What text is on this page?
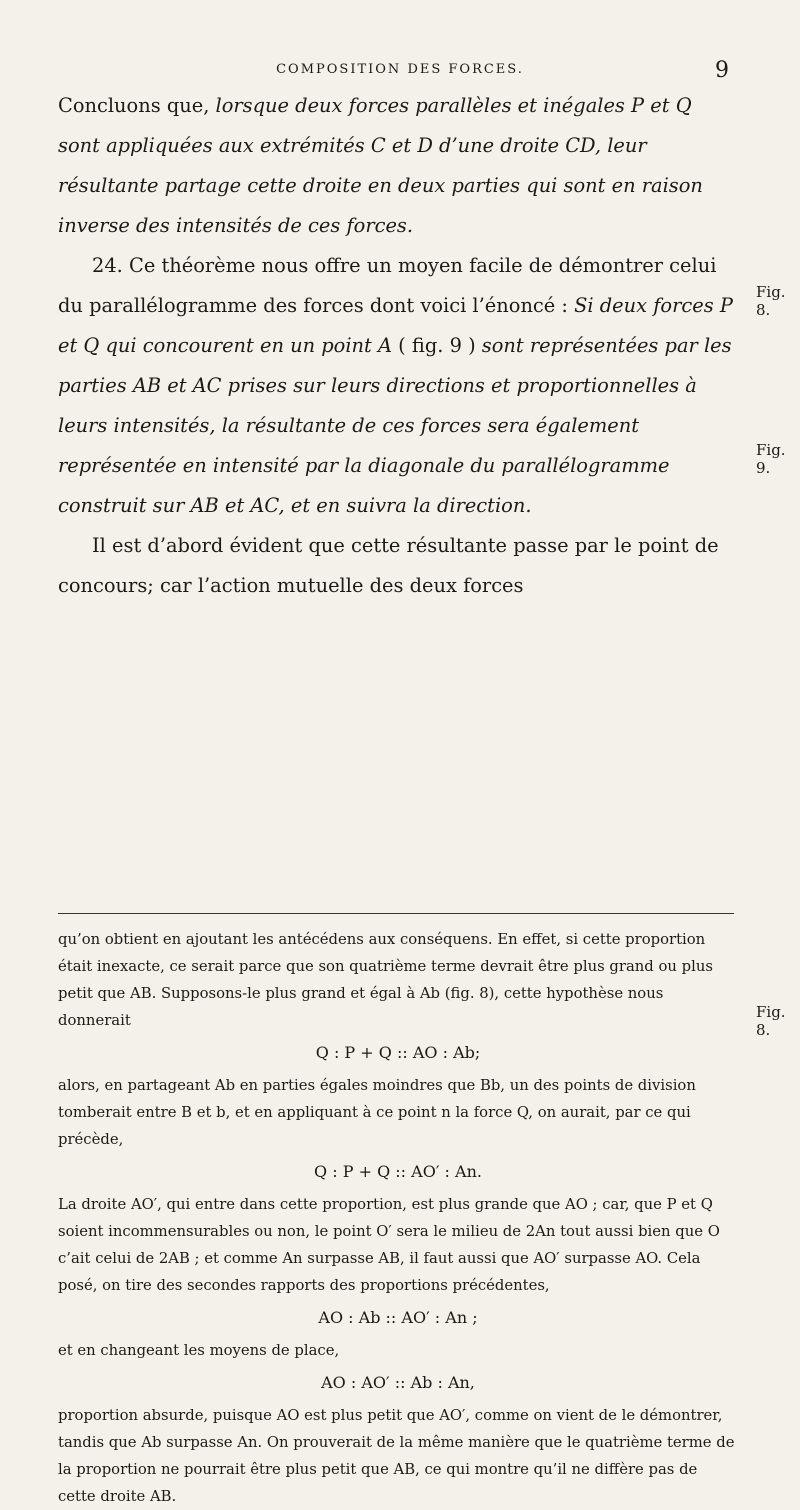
COMPOSITION DES FORCES.	9

Concluons que, lorsque deux forces parallèles et inégales P et Q sont appliquées aux extrémités C et D d’une droite CD, leur résultante partage cette droite en deux parties qui sont en raison inverse des intensités de ces forces.

24. Ce théorème nous offre un moyen facile de démontrer celui du parallélogramme des forces dont voici l’énoncé : Si deux forces P et Q qui concourent en un point A ( fig. 9 ) sont représentées par les parties AB et AC prises sur leurs directions et proportionnelles à leurs intensités, la résultante de ces forces sera également représentée en intensité par la diagonale du parallélogramme construit sur AB et AC, et en suivra la direction.

Il est d’abord évident que cette résultante passe par le point de concours; car l’action mutuelle des deux forces

Fig. 8.
Fig. 9.

qu’on obtient en ajoutant les antécédens aux conséquens. En effet, si cette proportion était inexacte, ce serait parce que son quatrième terme devrait être plus grand ou plus petit que AB. Supposons-le plus grand et égal à Ab (fig. 8), cette hypothèse nous donnerait

Q : P + Q :: AO : Ab;

alors, en partageant Ab en parties égales moindres que Bb, un des points de division tomberait entre B et b, et en appliquant à ce point n la force Q, on aurait, par ce qui précède,

Q : P + Q :: AO′ : An.

La droite AO′, qui entre dans cette proportion, est plus grande que AO ; car, que P et Q soient incommensurables ou non, le point O′ sera le milieu de 2An tout aussi bien que O c’ait celui de 2AB ; et comme An surpasse AB, il faut aussi que AO′ surpasse AO. Cela posé, on tire des secondes rapports des proportions précédentes,

AO : Ab :: AO′ : An ;

et en changeant les moyens de place,

AO : AO′ :: Ab : An,

proportion absurde, puisque AO est plus petit que AO′, comme on vient de le démontrer, tandis que Ab surpasse An. On prouverait de la même manière que le quatrième terme de la proportion ne pourrait être plus petit que AB, ce qui montre qu’il ne diffère pas de cette droite AB.

Fig. 8.
